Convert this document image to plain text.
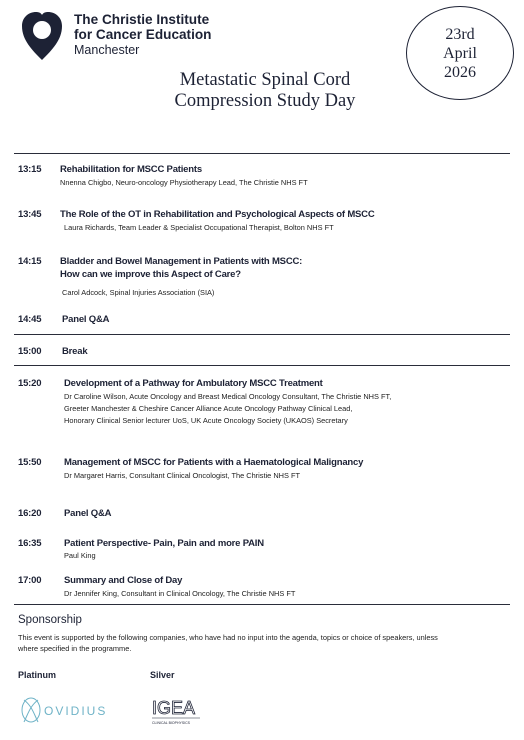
The Christie Institute
for Cancer Education
Manchester
23rd
April
2026
Metastatic Spinal Cord
Compression Study Day
13:15 Rehabilitation for MSCC Patients
Nnenna Chigbo, Neuro-oncology Physiotherapy Lead, The Christie NHS FT
13:45 The Role of the OT in Rehabilitation and Psychological Aspects of MSCC
Laura Richards, Team Leader & Specialist Occupational Therapist, Bolton NHS FT
14:15 Bladder and Bowel Management in Patients with MSCC:
How can we improve this Aspect of Care?
Carol Adcock, Spinal Injuries Association (SIA)
14:45 Panel Q&A
15:00 Break
15:20 Development of a Pathway for Ambulatory MSCC Treatment
Dr Caroline Wilson, Acute Oncology and Breast Medical Oncology Consultant, The Christie NHS FT,
Greeter Manchester & Cheshire Cancer Alliance Acute Oncology Pathway Clinical Lead,
Honorary Clinical Senior lecturer UoS, UK Acute Oncology Society (UKAOS) Secretary
15:50 Management of MSCC for Patients with a Haematological Malignancy
Dr Margaret Harris, Consultant Clinical Oncologist, The Christie NHS FT
16:20 Panel Q&A
16:35 Patient Perspective- Pain, Pain and more PAIN
Paul King
17:00 Summary and Close of Day
Dr Jennifer King, Consultant in Clinical Oncology, The Christie NHS FT
Sponsorship
This event is supported by the following companies, who have had no input into the agenda, topics or choice of speakers, unless
where specified in the programme.
Platinum	Silver
OVIDIUS IGEA
CLINICAL BIOPHYSICS
